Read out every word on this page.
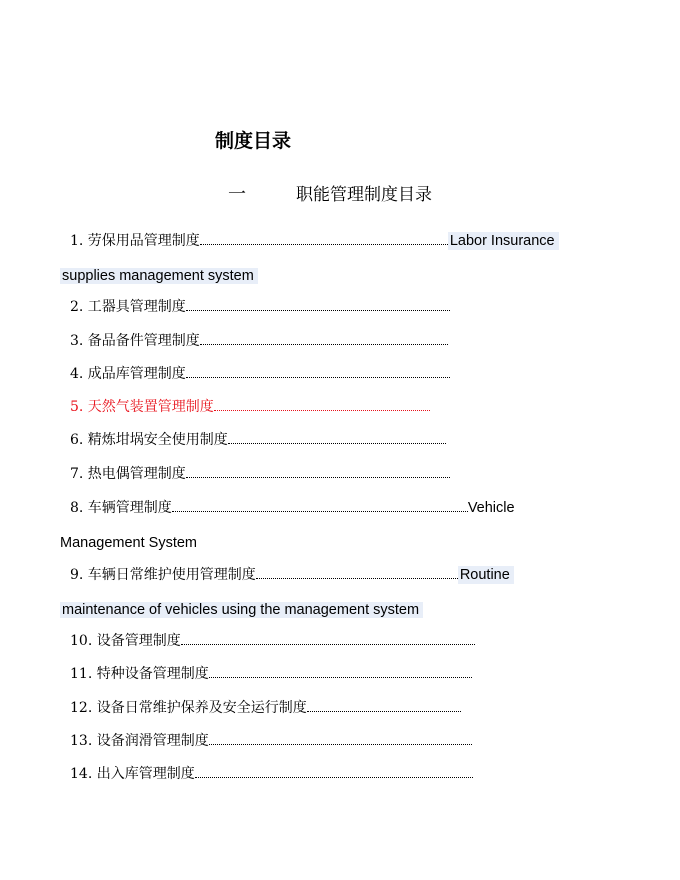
制度目录
一	职能管理制度目录
1. 劳保用品管理制度	Labor Insurance
supplies management system
2. 工器具管理制度
3. 备品备件管理制度
4. 成品库管理制度
5. 天然气装置管理制度
6. 精炼坩埚安全使用制度
7. 热电偶管理制度
8. 车辆管理制度	Vehicle
Management System
9. 车辆日常维护使用管理制度	Routine
maintenance of vehicles using the management system
10. 设备管理制度
11. 特种设备管理制度
12. 设备日常维护保养及安全运行制度
13. 设备润滑管理制度
14. 出入库管理制度
